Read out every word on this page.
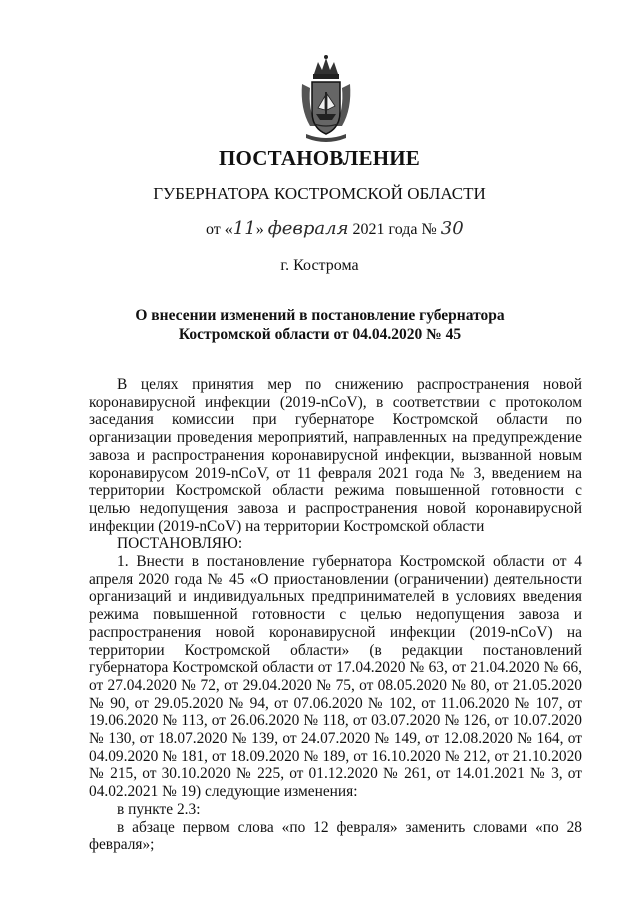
ПОСТАНОВЛЕНИЕ
ГУБЕРНАТОРА КОСТРОМСКОЙ ОБЛАСТИ
от «11» февраля 2021 года № 30
г. Кострома
О внесении изменений в постановление губернатора
Костромской области от 04.04.2020 № 45

В целях принятия мер по снижению распространения новой коронавирусной инфекции (2019-nCoV), в соответствии с протоколом заседания комиссии при губернаторе Костромской области по организации проведения мероприятий, направленных на предупреждение завоза и распространения коронавирусной инфекции, вызванной новым коронавирусом 2019-nCoV, от 11 февраля 2021 года № 3, введением на территории Костромской области режима повышенной готовности с целью недопущения завоза и распространения новой коронавирусной инфекции (2019-nCoV) на территории Костромской области

ПОСТАНОВЛЯЮ:

1. Внести в постановление губернатора Костромской области от 4 апреля 2020 года № 45 «О приостановлении (ограничении) деятельности организаций и индивидуальных предпринимателей в условиях введения режима повышенной готовности с целью недопущения завоза и распространения новой коронавирусной инфекции (2019-nCoV) на территории Костромской области» (в редакции постановлений губернатора Костромской области от 17.04.2020 № 63, от 21.04.2020 № 66, от 27.04.2020 № 72, от 29.04.2020 № 75, от 08.05.2020 № 80, от 21.05.2020 № 90, от 29.05.2020 № 94, от 07.06.2020 № 102, от 11.06.2020 № 107, от 19.06.2020 № 113, от 26.06.2020 № 118, от 03.07.2020 № 126, от 10.07.2020 № 130, от 18.07.2020 № 139, от 24.07.2020 № 149, от 12.08.2020 № 164, от 04.09.2020 № 181, от 18.09.2020 № 189, от 16.10.2020 № 212, от 21.10.2020 № 215, от 30.10.2020 № 225, от 01.12.2020 № 261, от 14.01.2021 № 3, от 04.02.2021 № 19) следующие изменения:

в пункте 2.3:

в абзаце первом слова «по 12 февраля» заменить словами «по 28 февраля»;
